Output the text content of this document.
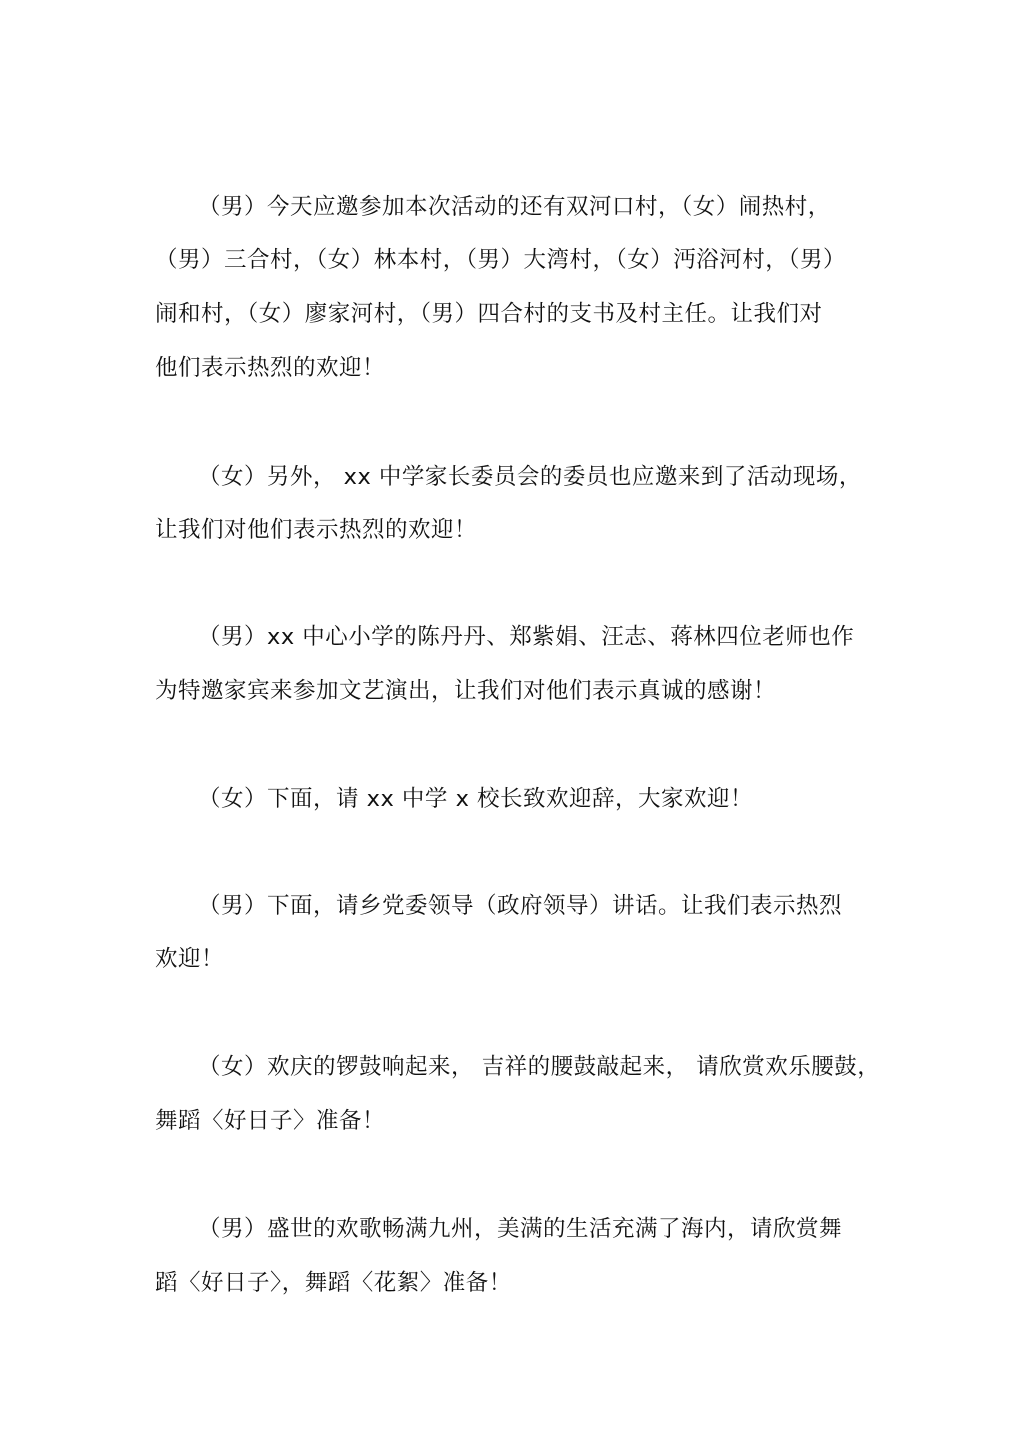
（男）今天应邀参加本次活动的还有双河口村，（女）闹热村，
（男）三合村，（女）林本村，（男）大湾村，（女）沔浴河村，（男）
闹和村，（女）廖家河村，（男）四合村的支书及村主任。让我们对
他们表示热烈的欢迎！
（女）另外， xx 中学家长委员会的委员也应邀来到了活动现场，
让我们对他们表示热烈的欢迎！
（男）xx 中心小学的陈丹丹、郑紫娟、汪志、蒋林四位老师也作
为特邀家宾来参加文艺演出，让我们对他们表示真诚的感谢！
（女）下面，请 xx 中学 x 校长致欢迎辞，大家欢迎！
（男）下面，请乡党委领导（政府领导）讲话。让我们表示热烈
欢迎！
（女）欢庆的锣鼓响起来， 吉祥的腰鼓敲起来， 请欣赏欢乐腰鼓，
舞蹈〈好日子〉准备！
（男）盛世的欢歌畅满九州，美满的生活充满了海内，请欣赏舞
蹈〈好日子〉，舞蹈〈花絮〉准备！
